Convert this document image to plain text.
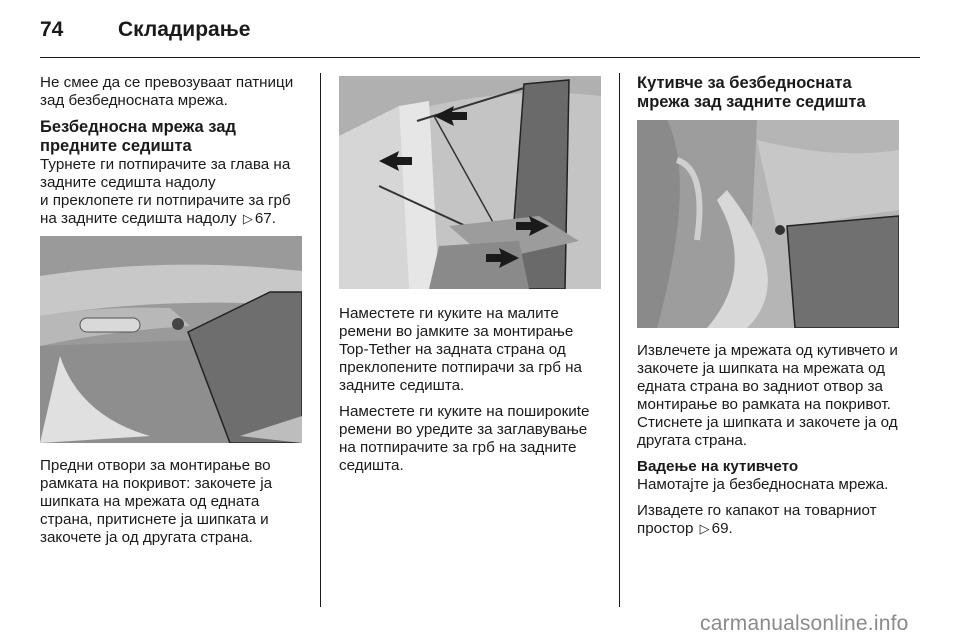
74	Складирање

Не смее да се превозуваат патници зад безбедносната мрежа.

Безбедносна мрежа зад предните седишта

Турнете ги потпирачите за глава на задните седишта надолу

и преклопете ги потпирачите за грб на задните седишта надолу ▷ 67.

Предни отвори за монтирање во рамката на покривот: закочете ја шипката на мрежата од едната страна, притиснете ја шипката и закочете ја од другата страна.

Наместете ги куките на малите ремени во јамките за монтирање Top-Tether на задната страна од преклопените потпирачи за грб на задните седишта.

Наместете ги куките на поширокиte ремени во уредите за заглавување на потпирачите за грб на задните седишта.

Кутивче за безбедносната мрежа зад задните седишта

Извлечете ја мрежата од кутивчето и закочете ја шипката на мрежата од едната страна во задниот отвор за монтирање во рамката на покривот. Стиснете ја шипката и закочете ја од другата страна.

Вадење на кутивчето

Намотајте ја безбедносната мрежа.

Извадете го капакот на товарниот простор ▷ 69.

carmanualsonline.info
